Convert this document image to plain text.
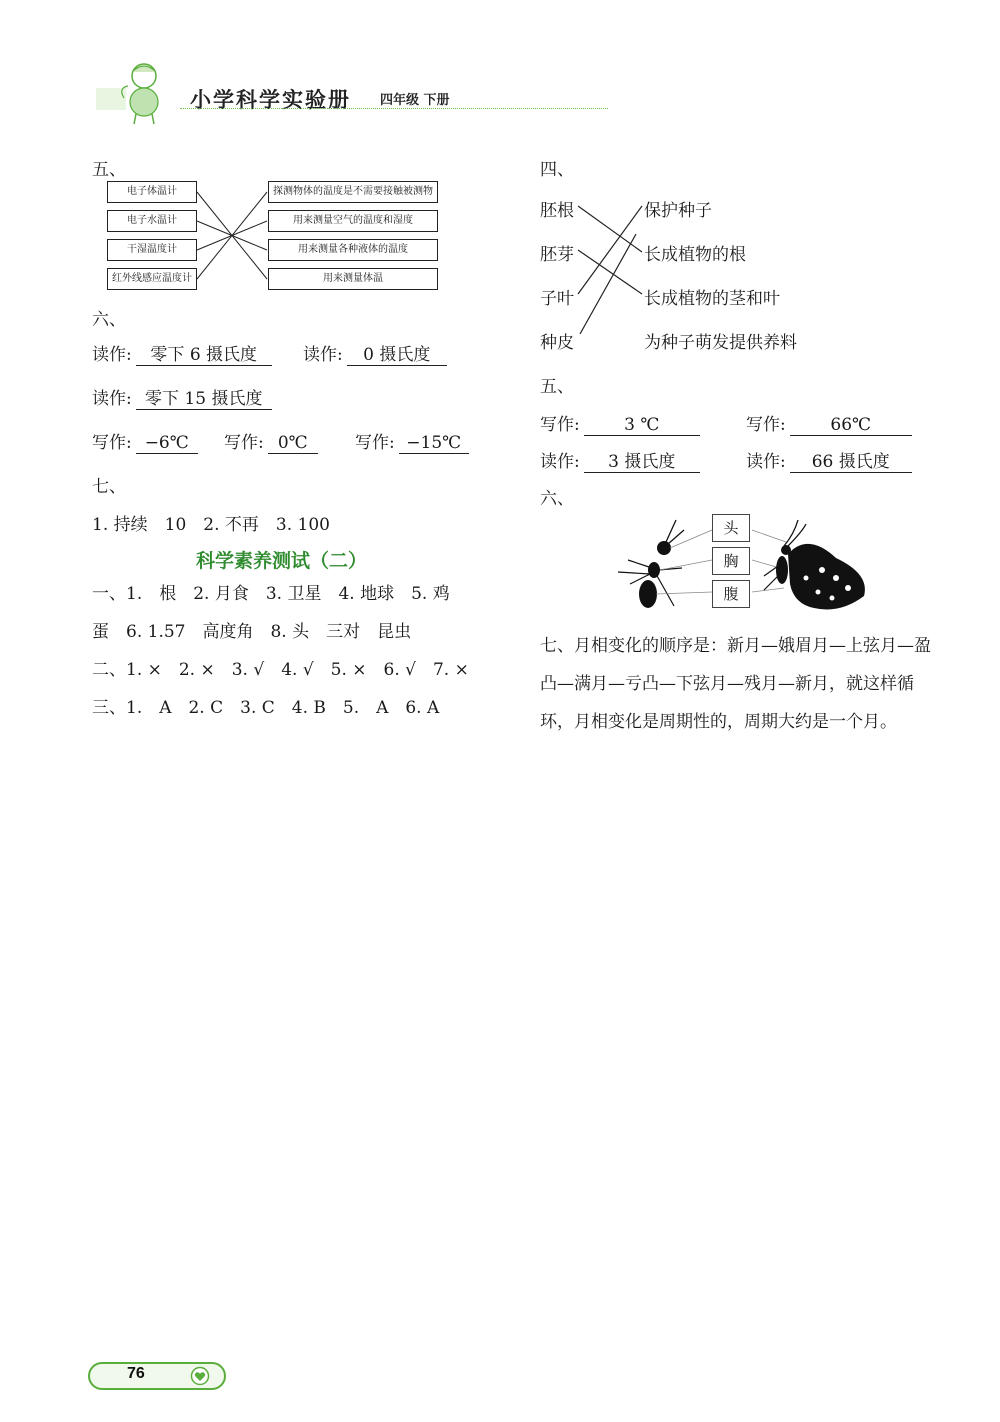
小学科学实验册 四年级 下册
五、
电子体温计
电子水温计
干湿温度计
红外线感应温度计
探测物体的温度是不需要接触被测物
用来测量空气的温度和湿度
用来测量各种液体的温度
用来测量体温
六、
读作: 零下 6 摄氏度	读作: 0 摄氏度
读作: 零下 15 摄氏度
写作: −6℃	写作: 0℃	写作: −15℃
七、
1. 持续　10　2. 不再　3. 100
科学素养测试（二）
一、1.　根　2. 月食　3. 卫星　4. 地球　5. 鸡
蛋　6. 1.57　高度角　8. 头　三对　昆虫
二、1. ×　2. ×　3. √　4. √　5. ×　6. √　7. ×
三、1.　A　2. C　3. C　4. B　5.　A　6. A
四、
胚根
胚芽
子叶
种皮
保护种子
长成植物的根
长成植物的茎和叶
为种子萌发提供养料
五、
写作:	3 ℃	写作:	66℃
读作: 3 摄氏度	读作: 66 摄氏度
六、
头
胸
腹
七、月相变化的顺序是：新月—娥眉月—上弦月—盈
凸—满月—亏凸—下弦月—残月—新月，就这样循
环，月相变化是周期性的，周期大约是一个月。
76
